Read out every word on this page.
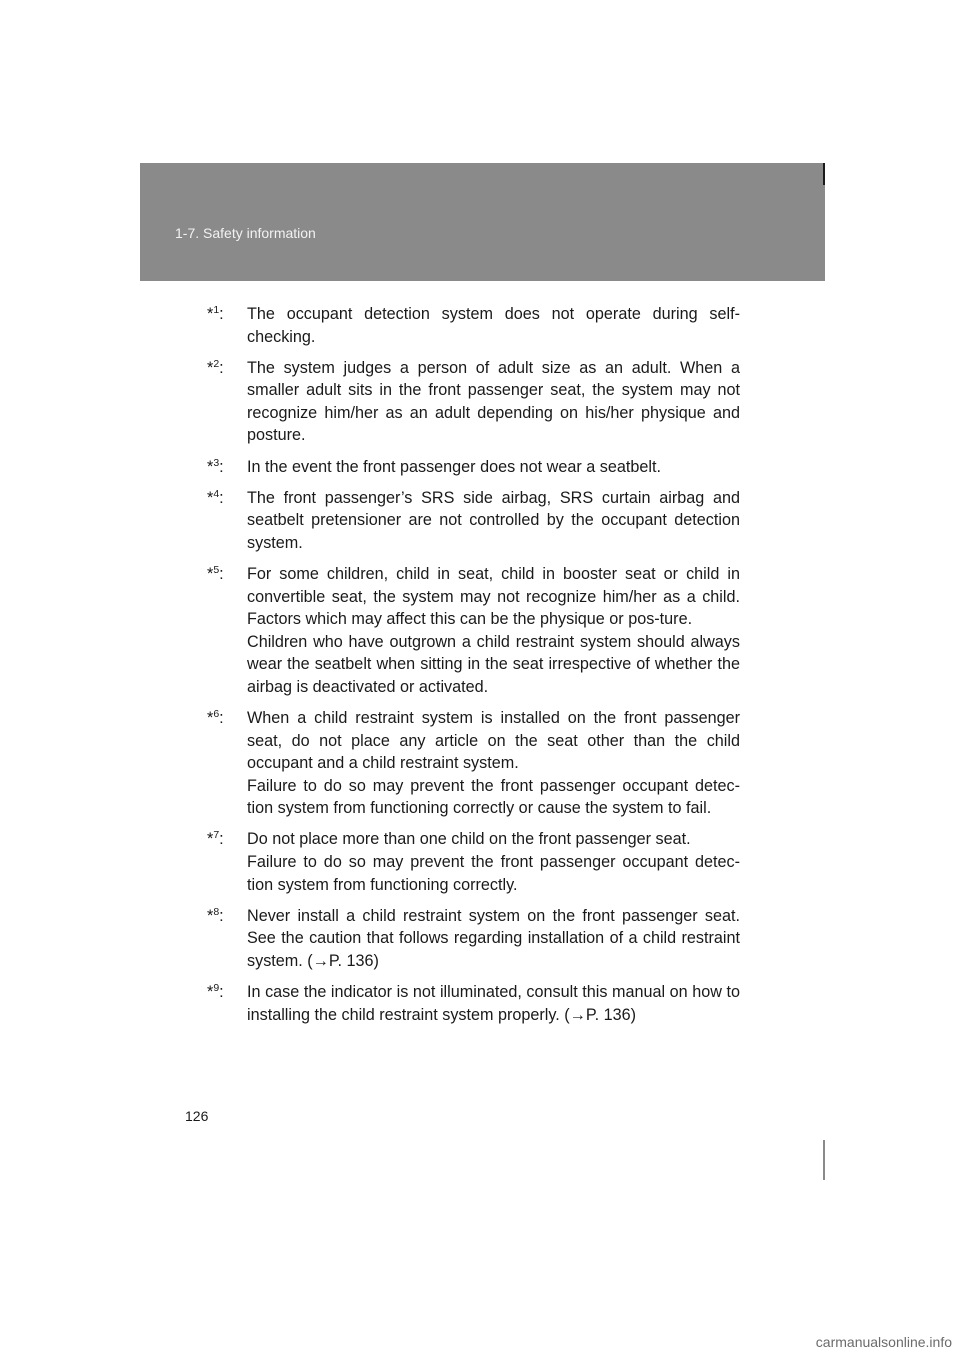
1-7. Safety information
*$^1$: The occupant detection system does not operate during self-checking.

*$^2$: The system judges a person of adult size as an adult. When a smaller adult sits in the front passenger seat, the system may not recognize him/her as an adult depending on his/her physique and posture.

*$^3$: In the event the front passenger does not wear a seatbelt.

*$^4$: The front passenger’s SRS side airbag, SRS curtain airbag and seatbelt pretensioner are not controlled by the occupant detection system.

*$^5$: For some children, child in seat, child in booster seat or child in convertible seat, the system may not recognize him/her as a child. Factors which may affect this can be the physique or pos-ture.

Children who have outgrown a child restraint system should always wear the seatbelt when sitting in the seat irrespective of whether the airbag is deactivated or activated.

*$^6$: When a child restraint system is installed on the front passenger seat, do not place any article on the seat other than the child occupant and a child restraint system.

Failure to do so may prevent the front passenger occupant detec-tion system from functioning correctly or cause the system to fail.

*$^7$: Do not place more than one child on the front passenger seat.

Failure to do so may prevent the front passenger occupant detec-tion system from functioning correctly.

*$^8$: Never install a child restraint system on the front passenger seat. See the caution that follows regarding installation of a child restraint system. (→P. 136)

*$^9$: In case the indicator is not illuminated, consult this manual on how to installing the child restraint system properly. (→P. 136)

126
carmanualsonline.info
